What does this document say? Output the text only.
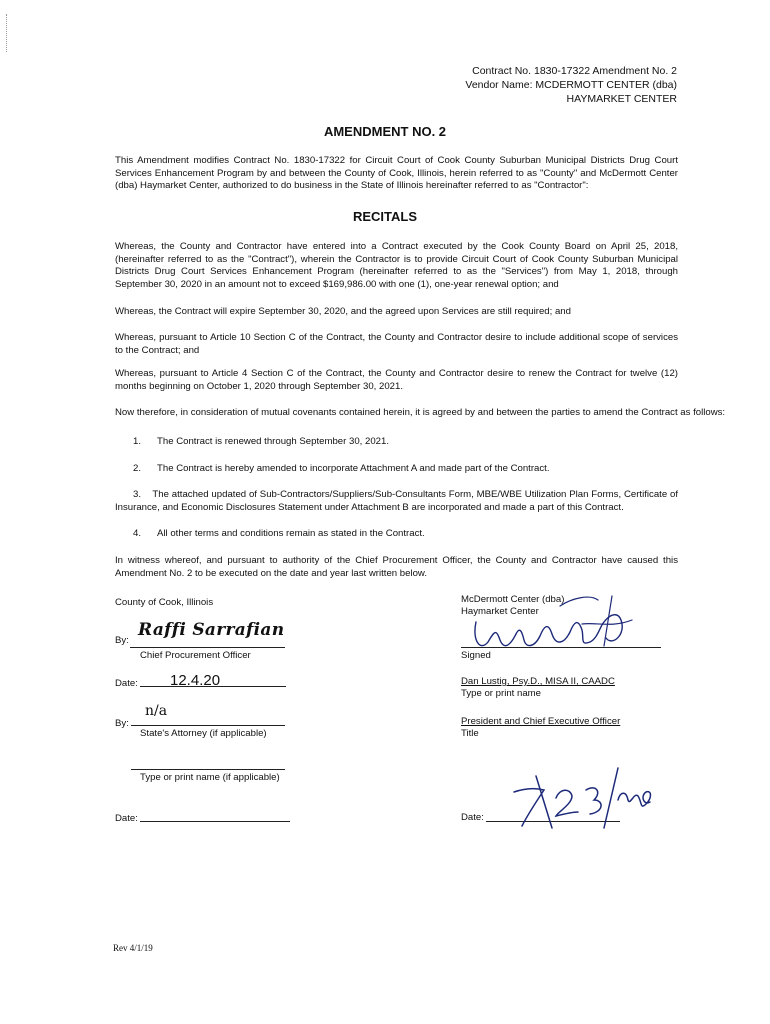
Contract No. 1830-17322 Amendment No. 2
Vendor Name: MCDERMOTT CENTER (dba)
HAYMARKET CENTER
AMENDMENT NO. 2
This Amendment modifies Contract No. 1830-17322 for Circuit Court of Cook County Suburban Municipal Districts Drug Court Services Enhancement Program by and between the County of Cook, Illinois, herein referred to as "County" and McDermott Center (dba) Haymarket Center, authorized to do business in the State of Illinois hereinafter referred to as "Contractor":
RECITALS
Whereas, the County and Contractor have entered into a Contract executed by the Cook County Board on April 25, 2018, (hereinafter referred to as the "Contract"), wherein the Contractor is to provide Circuit Court of Cook County Suburban Municipal Districts Drug Court Services Enhancement Program (hereinafter referred to as the "Services") from May 1, 2018, through September 30, 2020 in an amount not to exceed $169,986.00 with one (1), one-year renewal option; and
Whereas, the Contract will expire September 30, 2020, and the agreed upon Services are still required; and
Whereas, pursuant to Article 10 Section C of the Contract, the County and Contractor desire to include additional scope of services to the Contract; and
Whereas, pursuant to Article 4 Section C of the Contract, the County and Contractor desire to renew the Contract for twelve (12) months beginning on October 1, 2020 through September 30, 2021.
Now therefore, in consideration of mutual covenants contained herein, it is agreed by and between the parties to amend the Contract as follows:
1. The Contract is renewed through September 30, 2021.
2. The Contract is hereby amended to incorporate Attachment A and made part of the Contract.
3. The attached updated of Sub-Contractors/Suppliers/Sub-Consultants Form, MBE/WBE Utilization Plan Forms, Certificate of Insurance, and Economic Disclosures Statement under Attachment B are incorporated and made a part of this Contract.
4. All other terms and conditions remain as stated in the Contract.
In witness whereof, and pursuant to authority of the Chief Procurement Officer, the County and Contractor have caused this Amendment No. 2 to be executed on the date and year last written below.
County of Cook, Illinois
By:
Raffi Sarrafian
Chief Procurement Officer
Date: 12.4.20
By:
n/a
State's Attorney (if applicable)
Type or print name (if applicable)
Date:
McDermott Center (dba)
Haymarket Center
Signed
Dan Lustig, Psy.D., MISA II, CAADC
Type or print name
President and Chief Executive Officer
Title
Date:
7/23/2020
Rev 4/1/19
